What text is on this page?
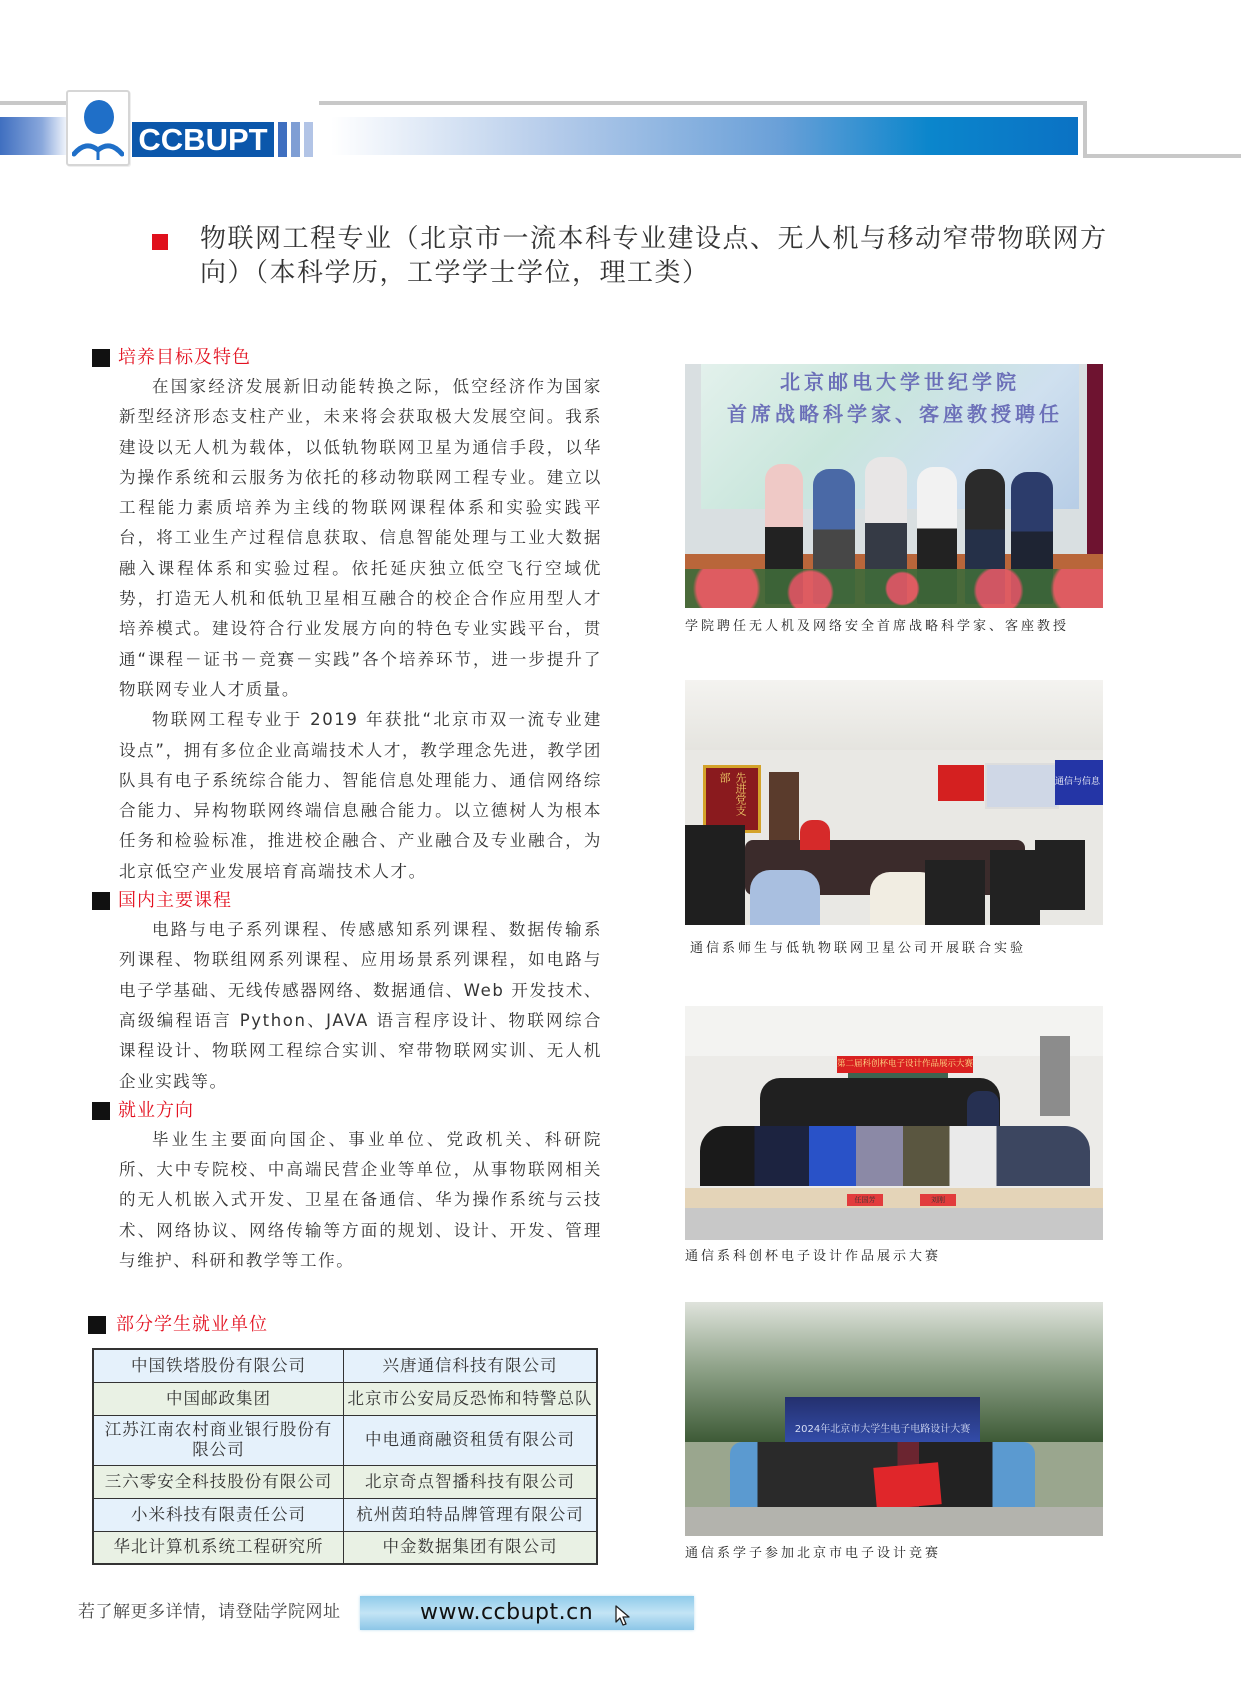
CCBUPT
物联网工程专业（北京市一流本科专业建设点、无人机与移动窄带物联网方向）（本科学历，工学学士学位，理工类）
培养目标及特色

在国家经济发展新旧动能转换之际，低空经济作为国家新型经济形态支柱产业，未来将会获取极大发展空间。我系建设以无人机为载体，以低轨物联网卫星为通信手段，以华为操作系统和云服务为依托的移动物联网工程专业。建立以工程能力素质培养为主线的物联网课程体系和实验实践平台，将工业生产过程信息获取、信息智能处理与工业大数据融入课程体系和实验过程。依托延庆独立低空飞行空域优势，打造无人机和低轨卫星相互融合的校企合作应用型人才培养模式。建设符合行业发展方向的特色专业实践平台，贯通“课程－证书－竞赛－实践”各个培养环节，进一步提升了物联网专业人才质量。

物联网工程专业于 2019 年获批“北京市双一流专业建设点”，拥有多位企业高端技术人才，教学理念先进，教学团队具有电子系统综合能力、智能信息处理能力、通信网络综合能力、异构物联网终端信息融合能力。以立德树人为根本任务和检验标准，推进校企融合、产业融合及专业融合，为北京低空产业发展培育高端技术人才。

国内主要课程

电路与电子系列课程、传感感知系列课程、数据传输系列课程、物联组网系列课程、应用场景系列课程，如电路与电子学基础、无线传感器网络、数据通信、Web 开发技术、高级编程语言 Python、JAVA 语言程序设计、物联网综合课程设计、物联网工程综合实训、窄带物联网实训、无人机企业实践等。

就业方向

毕业生主要面向国企、事业单位、党政机关、科研院所、大中专院校、中高端民营企业等单位，从事物联网相关的无人机嵌入式开发、卫星在备通信、华为操作系统与云技术、网络协议、网络传输等方面的规划、设计、开发、管理与维护、科研和教学等工作。

部分学生就业单位
中国铁塔股份有限公司	兴唐通信科技有限公司
中国邮政集团	北京市公安局反恐怖和特警总队
江苏江南农村商业银行股份有限公司	中电通商融资租赁有限公司
三六零安全科技股份有限公司	北京奇点智播科技有限公司
小米科技有限责任公司	杭州茵珀特品牌管理有限公司
华北计算机系统工程研究所	中金数据集团有限公司
若了解更多详情，请登陆学院网址	www.ccbupt.cn
北京邮电大学世纪学院
首席战略科学家、客座教授聘任
学院聘任无人机及网络安全首席战略科学家、客座教授
先进党支部	通信与信息
通信系师生与低轨物联网卫星公司开展联合实验
第二届科创杯电子设计作品展示大赛
任国芳	刘刚
通信系科创杯电子设计作品展示大赛
2024年北京市大学生电子电路设计大赛
通信系学子参加北京市电子设计竞赛
